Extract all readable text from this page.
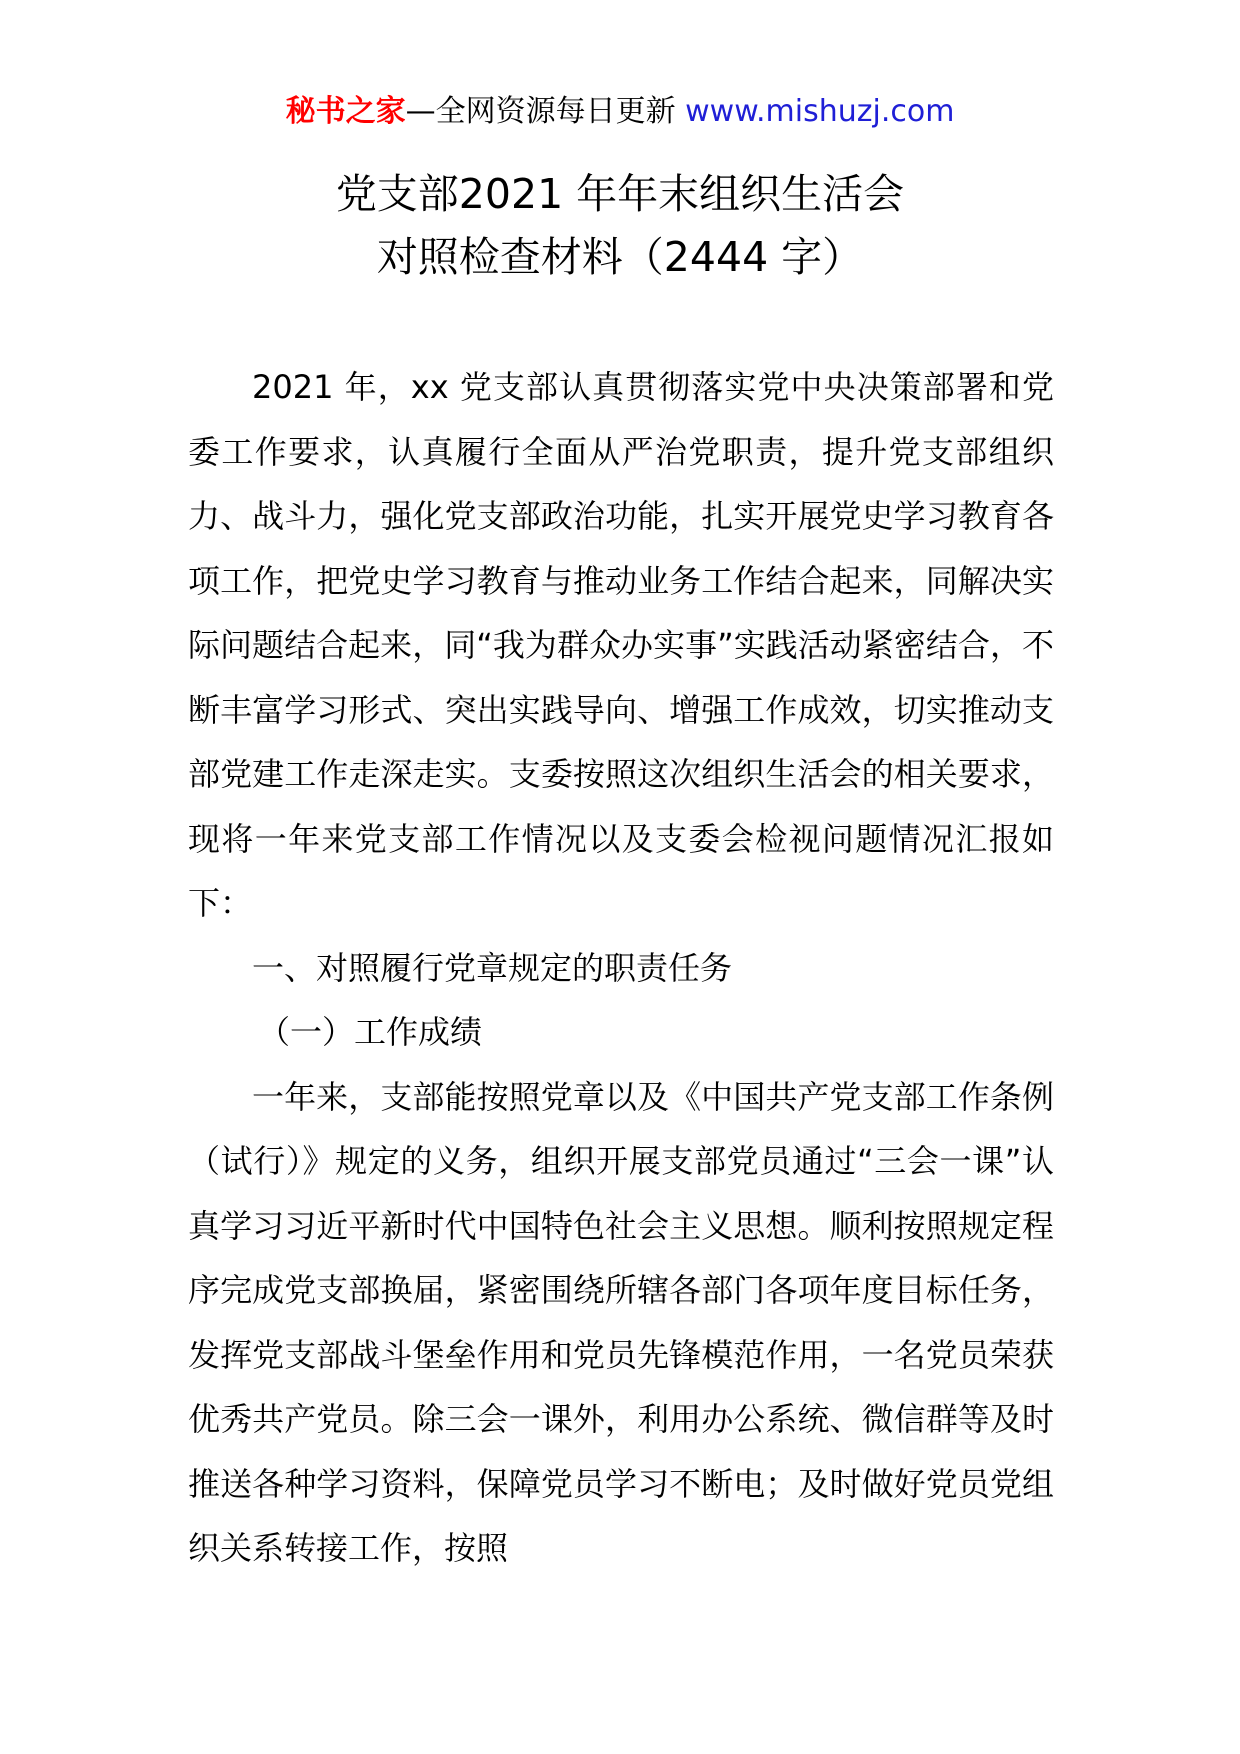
秘书之家—全网资源每日更新 www.mishuzj.com
党支部2021 年年末组织生活会
对照检查材料（2444 字）

2021 年，xx 党支部认真贯彻落实党中央决策部署和党委工作要求，认真履行全面从严治党职责，提升党支部组织力、战斗力，强化党支部政治功能，扎实开展党史学习教育各项工作，把党史学习教育与推动业务工作结合起来，同解决实际问题结合起来，同“我为群众办实事”实践活动紧密结合，不断丰富学习形式、突出实践导向、增强工作成效，切实推动支部党建工作走深走实。支委按照这次组织生活会的相关要求，现将一年来党支部工作情况以及支委会检视问题情况汇报如下：

一、对照履行党章规定的职责任务

（一）工作成绩

一年来，支部能按照党章以及《中国共产党支部工作条例（试行）》规定的义务，组织开展支部党员通过“三会一课”认真学习习近平新时代中国特色社会主义思想。顺利按照规定程序完成党支部换届，紧密围绕所辖各部门各项年度目标任务，发挥党支部战斗堡垒作用和党员先锋模范作用，一名党员荣获优秀共产党员。除三会一课外，利用办公系统、微信群等及时推送各种学习资料，保障党员学习不断电；及时做好党员党组织关系转接工作，按照
